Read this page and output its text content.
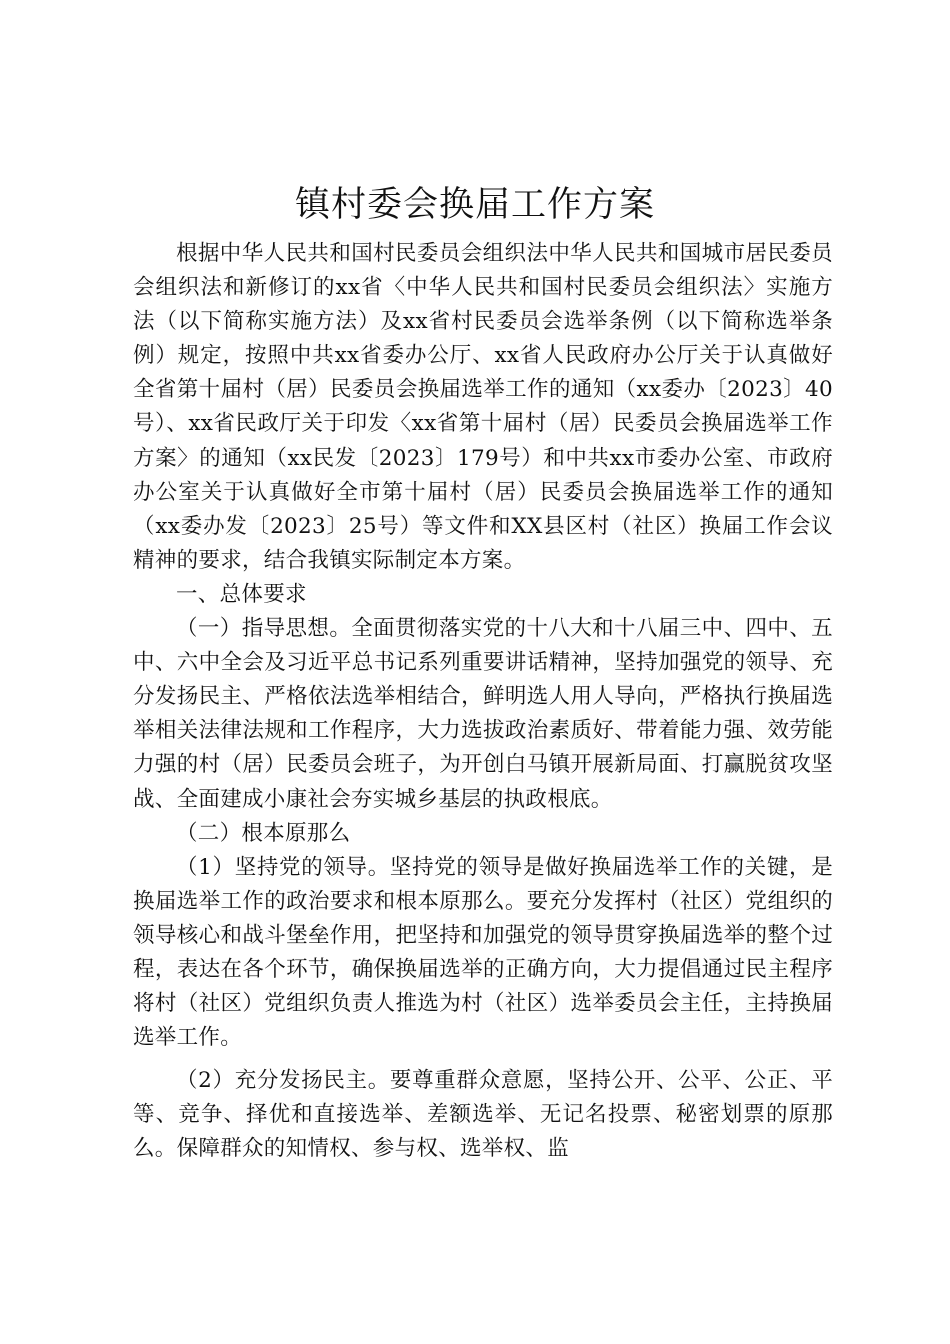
镇村委会换届工作方案

根据中华人民共和国村民委员会组织法中华人民共和国城市居民委员会组织法和新修订的xx省〈中华人民共和国村民委员会组织法〉实施方法（以下简称实施方法）及xx省村民委员会选举条例（以下简称选举条例）规定，按照中共xx省委办公厅、xx省人民政府办公厅关于认真做好全省第十届村（居）民委员会换届选举工作的通知（xx委办〔2023〕40号）、xx省民政厅关于印发〈xx省第十届村（居）民委员会换届选举工作方案〉的通知（xx民发〔2023〕179号）和中共xx市委办公室、市政府办公室关于认真做好全市第十届村（居）民委员会换届选举工作的通知（xx委办发〔2023〕25号）等文件和XX县区村（社区）换届工作会议精神的要求，结合我镇实际制定本方案。

一、总体要求

（一）指导思想。全面贯彻落实党的十八大和十八届三中、四中、五中、六中全会及习近平总书记系列重要讲话精神，坚持加强党的领导、充分发扬民主、严格依法选举相结合，鲜明选人用人导向，严格执行换届选举相关法律法规和工作程序，大力选拔政治素质好、带着能力强、效劳能力强的村（居）民委员会班子，为开创白马镇开展新局面、打赢脱贫攻坚战、全面建成小康社会夯实城乡基层的执政根底。

（二）根本原那么

（1）坚持党的领导。坚持党的领导是做好换届选举工作的关键，是换届选举工作的政治要求和根本原那么。要充分发挥村（社区）党组织的领导核心和战斗堡垒作用，把坚持和加强党的领导贯穿换届选举的整个过程，表达在各个环节，确保换届选举的正确方向，大力提倡通过民主程序将村（社区）党组织负责人推选为村（社区）选举委员会主任，主持换届选举工作。

（2）充分发扬民主。要尊重群众意愿，坚持公开、公平、公正、平等、竞争、择优和直接选举、差额选举、无记名投票、秘密划票的原那么。保障群众的知情权、参与权、选举权、监
